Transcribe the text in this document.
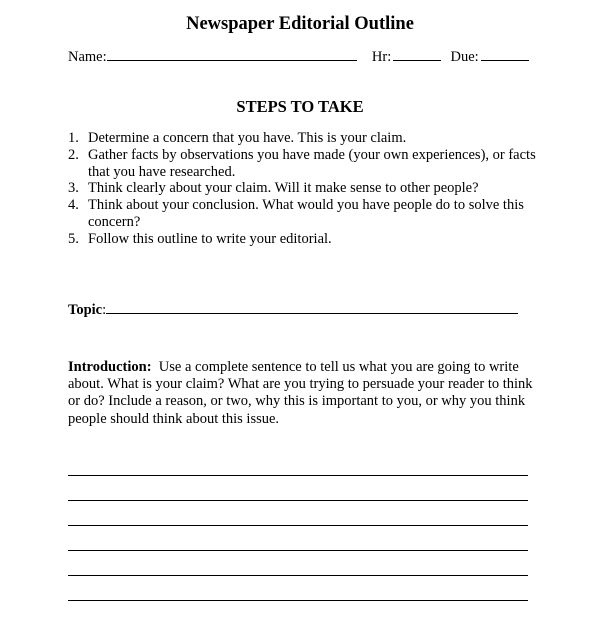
Newspaper Editorial Outline
Name:	Hr:	Due:
STEPS TO TAKE
1. Determine a concern that you have. This is your claim.
2. Gather facts by observations you have made (your own experiences), or facts that you have researched.
3. Think clearly about your claim. Will it make sense to other people?
4. Think about your conclusion. What would you have people do to solve this concern?
5. Follow this outline to write your editorial.
Topic:
Introduction: Use a complete sentence to tell us what you are going to write about. What is your claim? What are you trying to persuade your reader to think or do? Include a reason, or two, why this is important to you, or why you think people should think about this issue.
